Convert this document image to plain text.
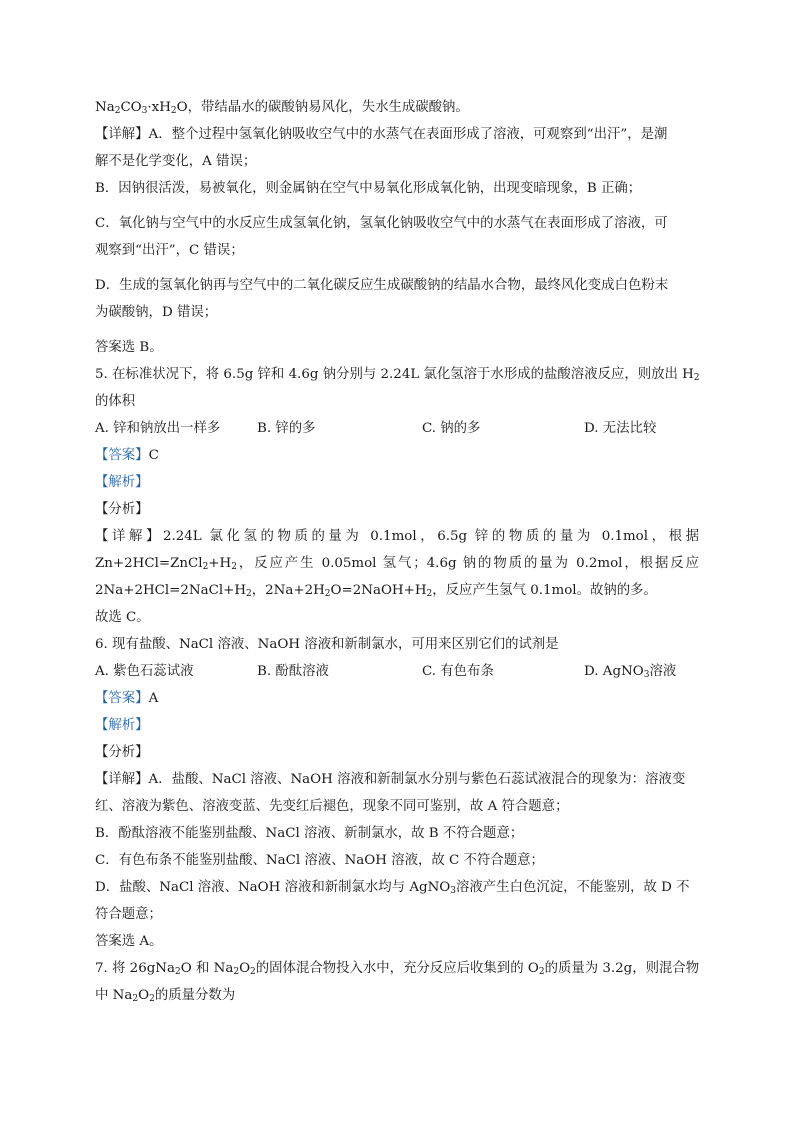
$Na_2CO_3\cdot xH_2O$，带结晶水的碳酸钠易风化，失水生成碳酸钠。
【详解】A．整个过程中氢氧化钠吸收空气中的水蒸气在表面形成了溶液，可观察到“出汗”，是潮
解不是化学变化，A 错误；
B．因钠很活泼，易被氧化，则金属钠在空气中易氧化形成氧化钠，出现变暗现象，B 正确；
C．氧化钠与空气中的水反应生成氢氧化钠，氢氧化钠吸收空气中的水蒸气在表面形成了溶液，可
观察到“出汗”，C 错误；
D．生成的氢氧化钠再与空气中的二氧化碳反应生成碳酸钠的结晶水合物，最终风化变成白色粉末
为碳酸钠，D 错误；
答案选 B。
5. 在标准状况下，将 6.5g 锌和 4.6g 钠分别与 2.24L 氯化氢溶于水形成的盐酸溶液反应，则放出 $H_2$
的体积
A. 锌和钠放出一样多	B. 锌的多	C. 钠的多	D. 无法比较
【答案】C
【解析】
【分析】
【详解】2.24L 氯化氢的物质的量为 0.1mol，6.5g 锌的物质的量为 0.1mol，根据
$Zn+2HCl=ZnCl_2+H_2$，反应产生 0.05mol 氢气；4.6g 钠的物质的量为 0.2mol，根据反应
$2Na+2HCl=2NaCl+H_2$，$2Na+2H_2O=2NaOH+H_2$，反应产生氢气 0.1mol。故钠的多。
故选 C。
6. 现有盐酸、NaCl 溶液、NaOH 溶液和新制氯水，可用来区别它们的试剂是
A. 紫色石蕊试液	B. 酚酞溶液	C. 有色布条	D. AgNO$_3$溶液
【答案】A
【解析】
【分析】
【详解】A．盐酸、NaCl 溶液、NaOH 溶液和新制氯水分别与紫色石蕊试液混合的现象为：溶液变
红、溶液为紫色、溶液变蓝、先变红后褪色，现象不同可鉴别，故 A 符合题意；
B．酚酞溶液不能鉴别盐酸、NaCl 溶液、新制氯水，故 B 不符合题意；
C．有色布条不能鉴别盐酸、NaCl 溶液、NaOH 溶液，故 C 不符合题意；
D．盐酸、NaCl 溶液、NaOH 溶液和新制氯水均与 AgNO$_3$溶液产生白色沉淀，不能鉴别，故 D 不
符合题意；
答案选 A。
7. 将 26gNa$_2$O 和 $Na_2O_2$的固体混合物投入水中，充分反应后收集到的 $O_2$的质量为 3.2g，则混合物
中 $Na_2O_2$的质量分数为
